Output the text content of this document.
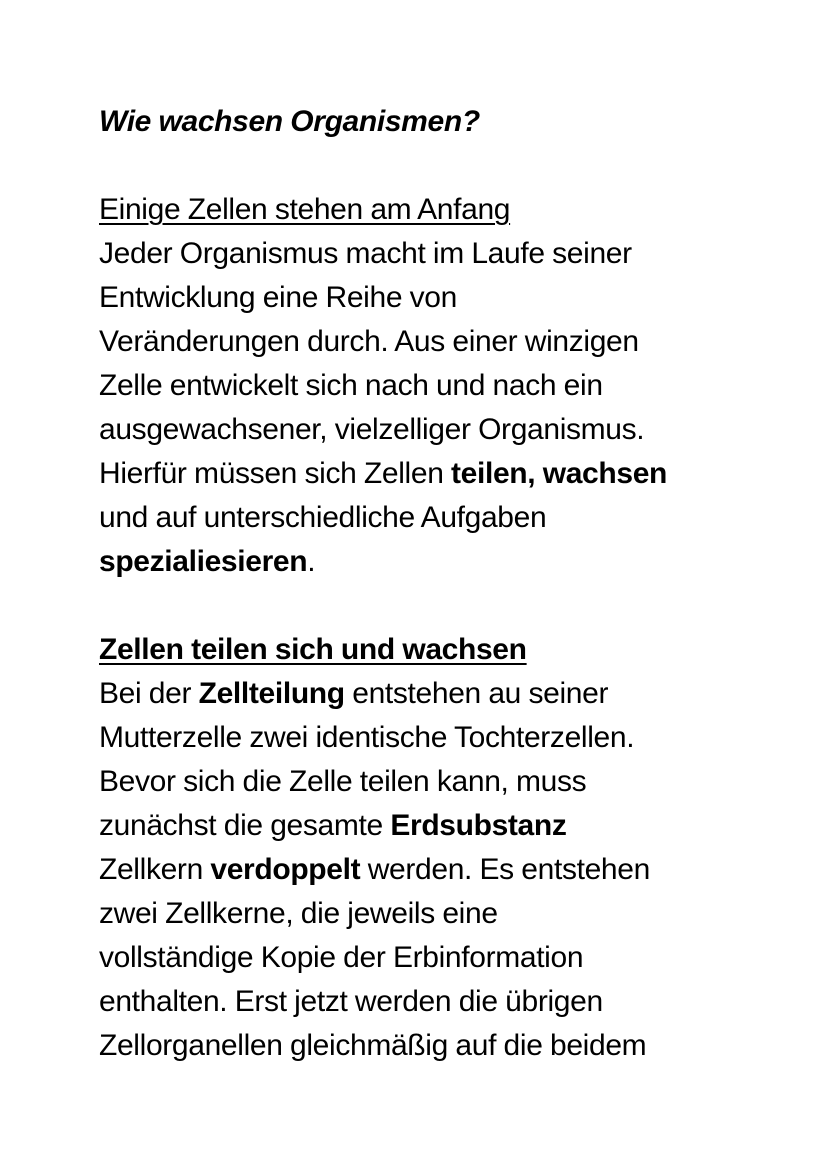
Wie wachsen Organismen?
Einige Zellen stehen am Anfang
Jeder Organismus macht im Laufe seiner
Entwicklung eine Reihe von
Veränderungen durch. Aus einer winzigen
Zelle entwickelt sich nach und nach ein
ausgewachsener, vielzelliger Organismus.
Hierfür müssen sich Zellen teilen, wachsen
und auf unterschiedliche Aufgaben
spezialiesieren.
Zellen teilen sich und wachsen
Bei der Zellteilung entstehen au seiner
Mutterzelle zwei identische Tochterzellen.
Bevor sich die Zelle teilen kann, muss
zunächst die gesamte Erdsubstanz
Zellkern verdoppelt werden. Es entstehen
zwei Zellkerne, die jeweils eine
vollständige Kopie der Erbinformation
enthalten. Erst jetzt werden die übrigen
Zellorganellen gleichmäßig auf die beidem
